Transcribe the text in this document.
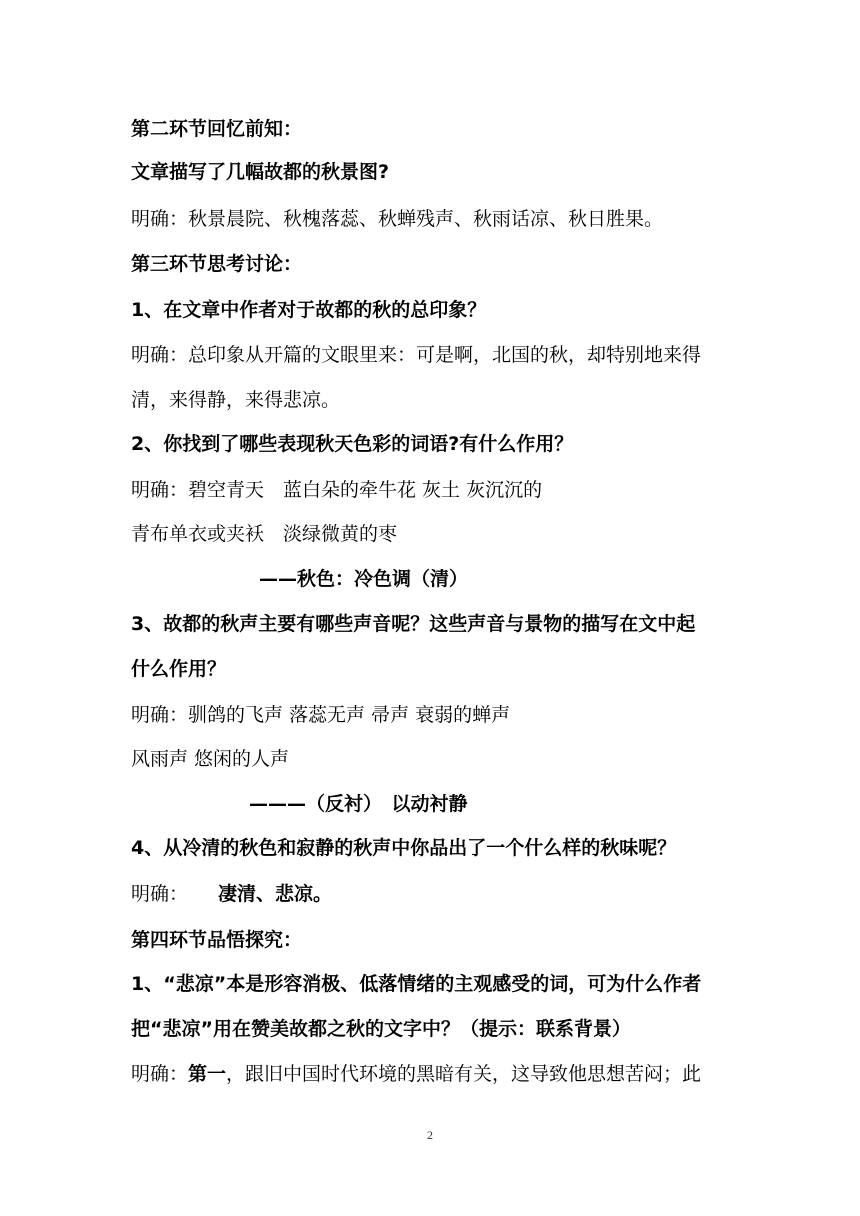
第二环节回忆前知：
文章描写了几幅故都的秋景图?
明确：秋景晨院、秋槐落蕊、秋蝉残声、秋雨话凉、秋日胜果。
第三环节思考讨论：
1、在文章中作者对于故都的秋的总印象？
明确：总印象从开篇的文眼里来：可是啊，北国的秋，却特别地来得
清，来得静，来得悲凉。
2、你找到了哪些表现秋天色彩的词语?有什么作用？
明确：碧空青天　蓝白朵的牵牛花 灰土 灰沉沉的
青布单衣或夹袄　淡绿微黄的枣
——秋色：冷色调（清）
3、故都的秋声主要有哪些声音呢？这些声音与景物的描写在文中起
什么作用？
明确：驯鸽的飞声 落蕊无声 帚声 衰弱的蝉声
风雨声 悠闲的人声
———（反衬）　以动衬静
4、从冷清的秋色和寂静的秋声中你品出了一个什么样的秋味呢？
明确： 凄清、悲凉。
第四环节品悟探究：
1、“悲凉”本是形容消极、低落情绪的主观感受的词，可为什么作者
把“悲凉”用在赞美故都之秋的文字中？（提示：联系背景）
明确：第一，跟旧中国时代环境的黑暗有关，这导致他思想苦闷；此
2
